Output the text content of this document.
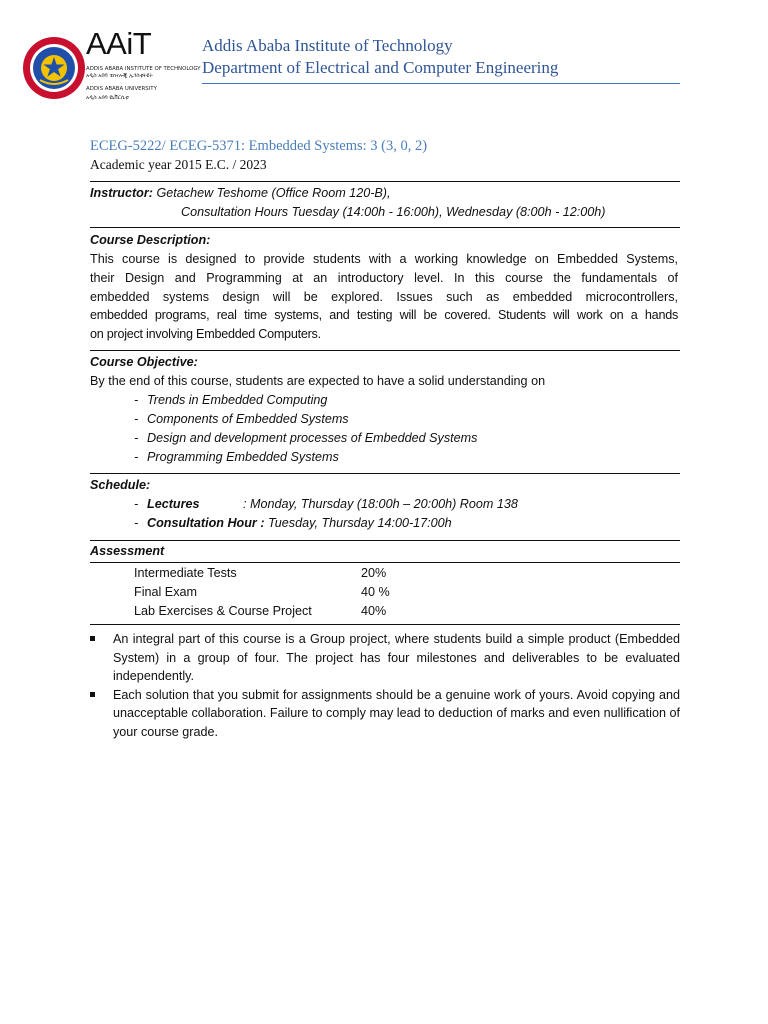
AAiT
ADDIS ABABA INSTITUTE OF TECHNOLOGY
አዲስ አበባ ቴክኖሎጂ ኢንስቲትዩት
ADDIS ABABA UNIVERSITY
አዲስ አበባ ዩኒቨርሲቲ
Addis Ababa Institute of Technology
Department of Electrical and Computer Engineering
ECEG-5222/ ECEG-5371: Embedded Systems: 3 (3, 0, 2)
Academic year 2015 E.C. / 2023
Instructor: Getachew Teshome (Office Room 120-B),
Consultation Hours Tuesday (14:00h - 16:00h), Wednesday (8:00h - 12:00h)
Course Description:
This course is designed to provide students with a working knowledge on Embedded Systems,
their Design and Programming at an introductory level. In this course the fundamentals of
embedded systems design will be explored. Issues such as embedded microcontrollers,
embedded programs, real time systems, and testing will be covered. Students will work on a hands
on project involving Embedded Computers.
Course Objective:
By the end of this course, students are expected to have a solid understanding on
- Trends in Embedded Computing
- Components of Embedded Systems
- Design and development processes of Embedded Systems
- Programming Embedded Systems
Schedule:
- Lectures	: Monday, Thursday (18:00h – 20:00h) Room 138
- Consultation Hour : Tuesday, Thursday 14:00-17:00h
Assessment
Intermediate Tests	20%
Final Exam	40 %
Lab Exercises & Course Project	40%
An integral part of this course is a Group project, where students build a simple product (Embedded System) in a group of four. The project has four milestones and deliverables to be evaluated independently.
Each solution that you submit for assignments should be a genuine work of yours. Avoid copying and unacceptable collaboration. Failure to comply may lead to deduction of marks and even nullification of your course grade.
